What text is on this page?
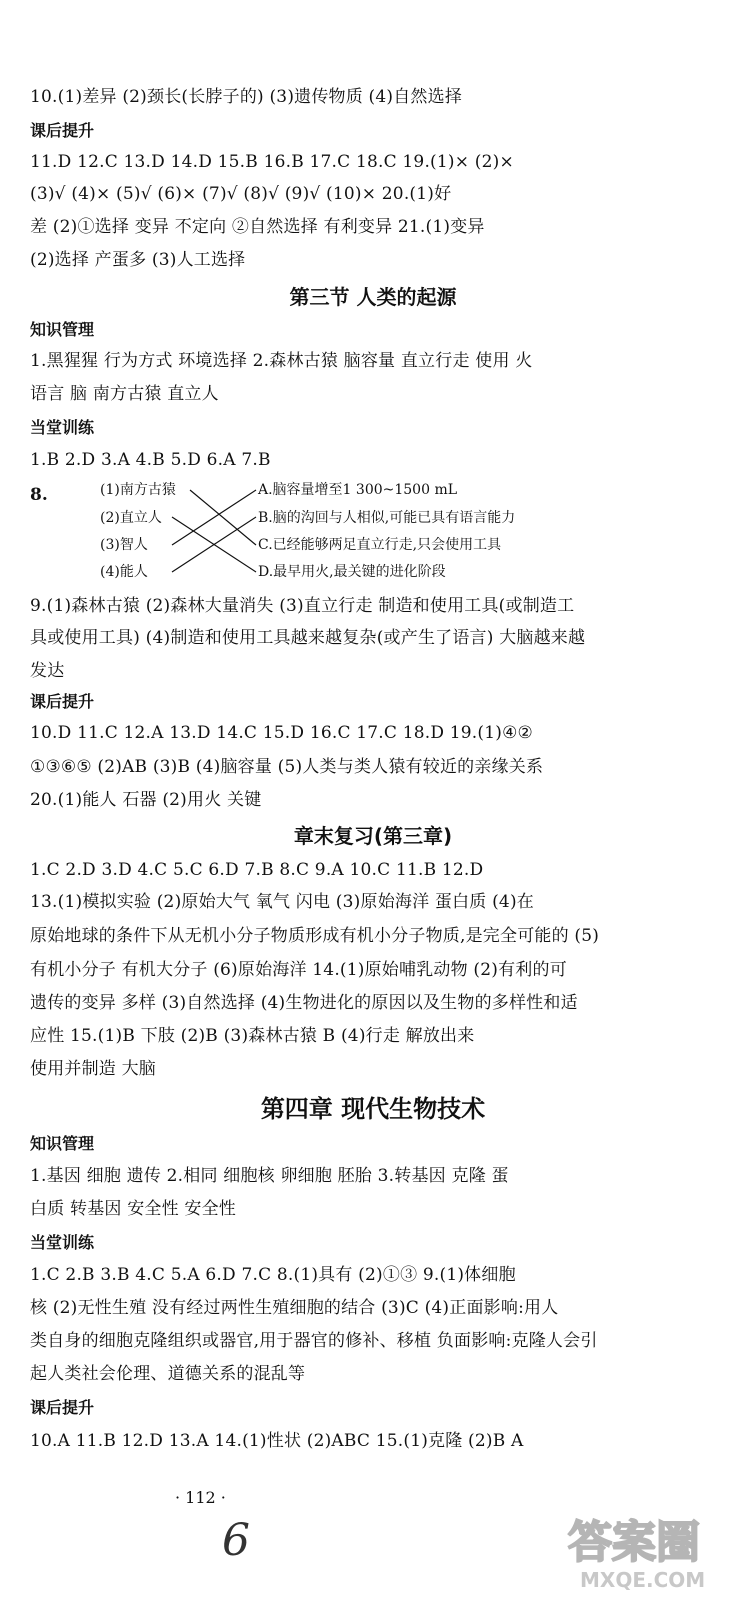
10.(1)差异 (2)颈长(长脖子的) (3)遗传物质 (4)自然选择
课后提升
11.D 12.C 13.D 14.D 15.B 16.B 17.C 18.C 19.(1)× (2)×
(3)√ (4)× (5)√ (6)× (7)√ (8)√ (9)√ (10)× 20.(1)好
差 (2)①选择 变异 不定向 ②自然选择 有利变异 21.(1)变异
(2)选择 产蛋多 (3)人工选择
第三节 人类的起源
知识管理
1.黑猩猩 行为方式 环境选择 2.森林古猿 脑容量 直立行走 使用 火
语言 脑 南方古猿 直立人
当堂训练
1.B 2.D 3.A 4.B 5.D 6.A 7.B
8.	(1)南方古猿
(2)直立人
(3)智人
(4)能人
A.脑容量增至1 300~1500 mL
B.脑的沟回与人相似,可能已具有语言能力
C.已经能够两足直立行走,只会使用工具
D.最早用火,最关键的进化阶段
9.(1)森林古猿 (2)森林大量消失 (3)直立行走 制造和使用工具(或制造工
具或使用工具) (4)制造和使用工具越来越复杂(或产生了语言) 大脑越来越
发达
课后提升
10.D 11.C 12.A 13.D 14.C 15.D 16.C 17.C 18.D 19.(1)④②
①③⑥⑤ (2)AB (3)B (4)脑容量 (5)人类与类人猿有较近的亲缘关系
20.(1)能人 石器 (2)用火 关键
章末复习(第三章)
1.C 2.D 3.D 4.C 5.C 6.D 7.B 8.C 9.A 10.C 11.B 12.D
13.(1)模拟实验 (2)原始大气 氧气 闪电 (3)原始海洋 蛋白质 (4)在
原始地球的条件下从无机小分子物质形成有机小分子物质,是完全可能的 (5)
有机小分子 有机大分子 (6)原始海洋 14.(1)原始哺乳动物 (2)有利的可
遗传的变异 多样 (3)自然选择 (4)生物进化的原因以及生物的多样性和适
应性 15.(1)B 下肢 (2)B (3)森林古猿 B (4)行走 解放出来
使用并制造 大脑
第四章 现代生物技术
知识管理
1.基因 细胞 遗传 2.相同 细胞核 卵细胞 胚胎 3.转基因 克隆 蛋
白质 转基因 安全性 安全性
当堂训练
1.C 2.B 3.B 4.C 5.A 6.D 7.C 8.(1)具有 (2)①③ 9.(1)体细胞
核 (2)无性生殖 没有经过两性生殖细胞的结合 (3)C (4)正面影响:用人
类自身的细胞克隆组织或器官,用于器官的修补、移植 负面影响:克隆人会引
起人类社会伦理、道德关系的混乱等
课后提升
10.A 11.B 12.D 13.A 14.(1)性状 (2)ABC 15.(1)克隆 (2)B A
· 112 ·
6	答案圈
MXQE.COM
